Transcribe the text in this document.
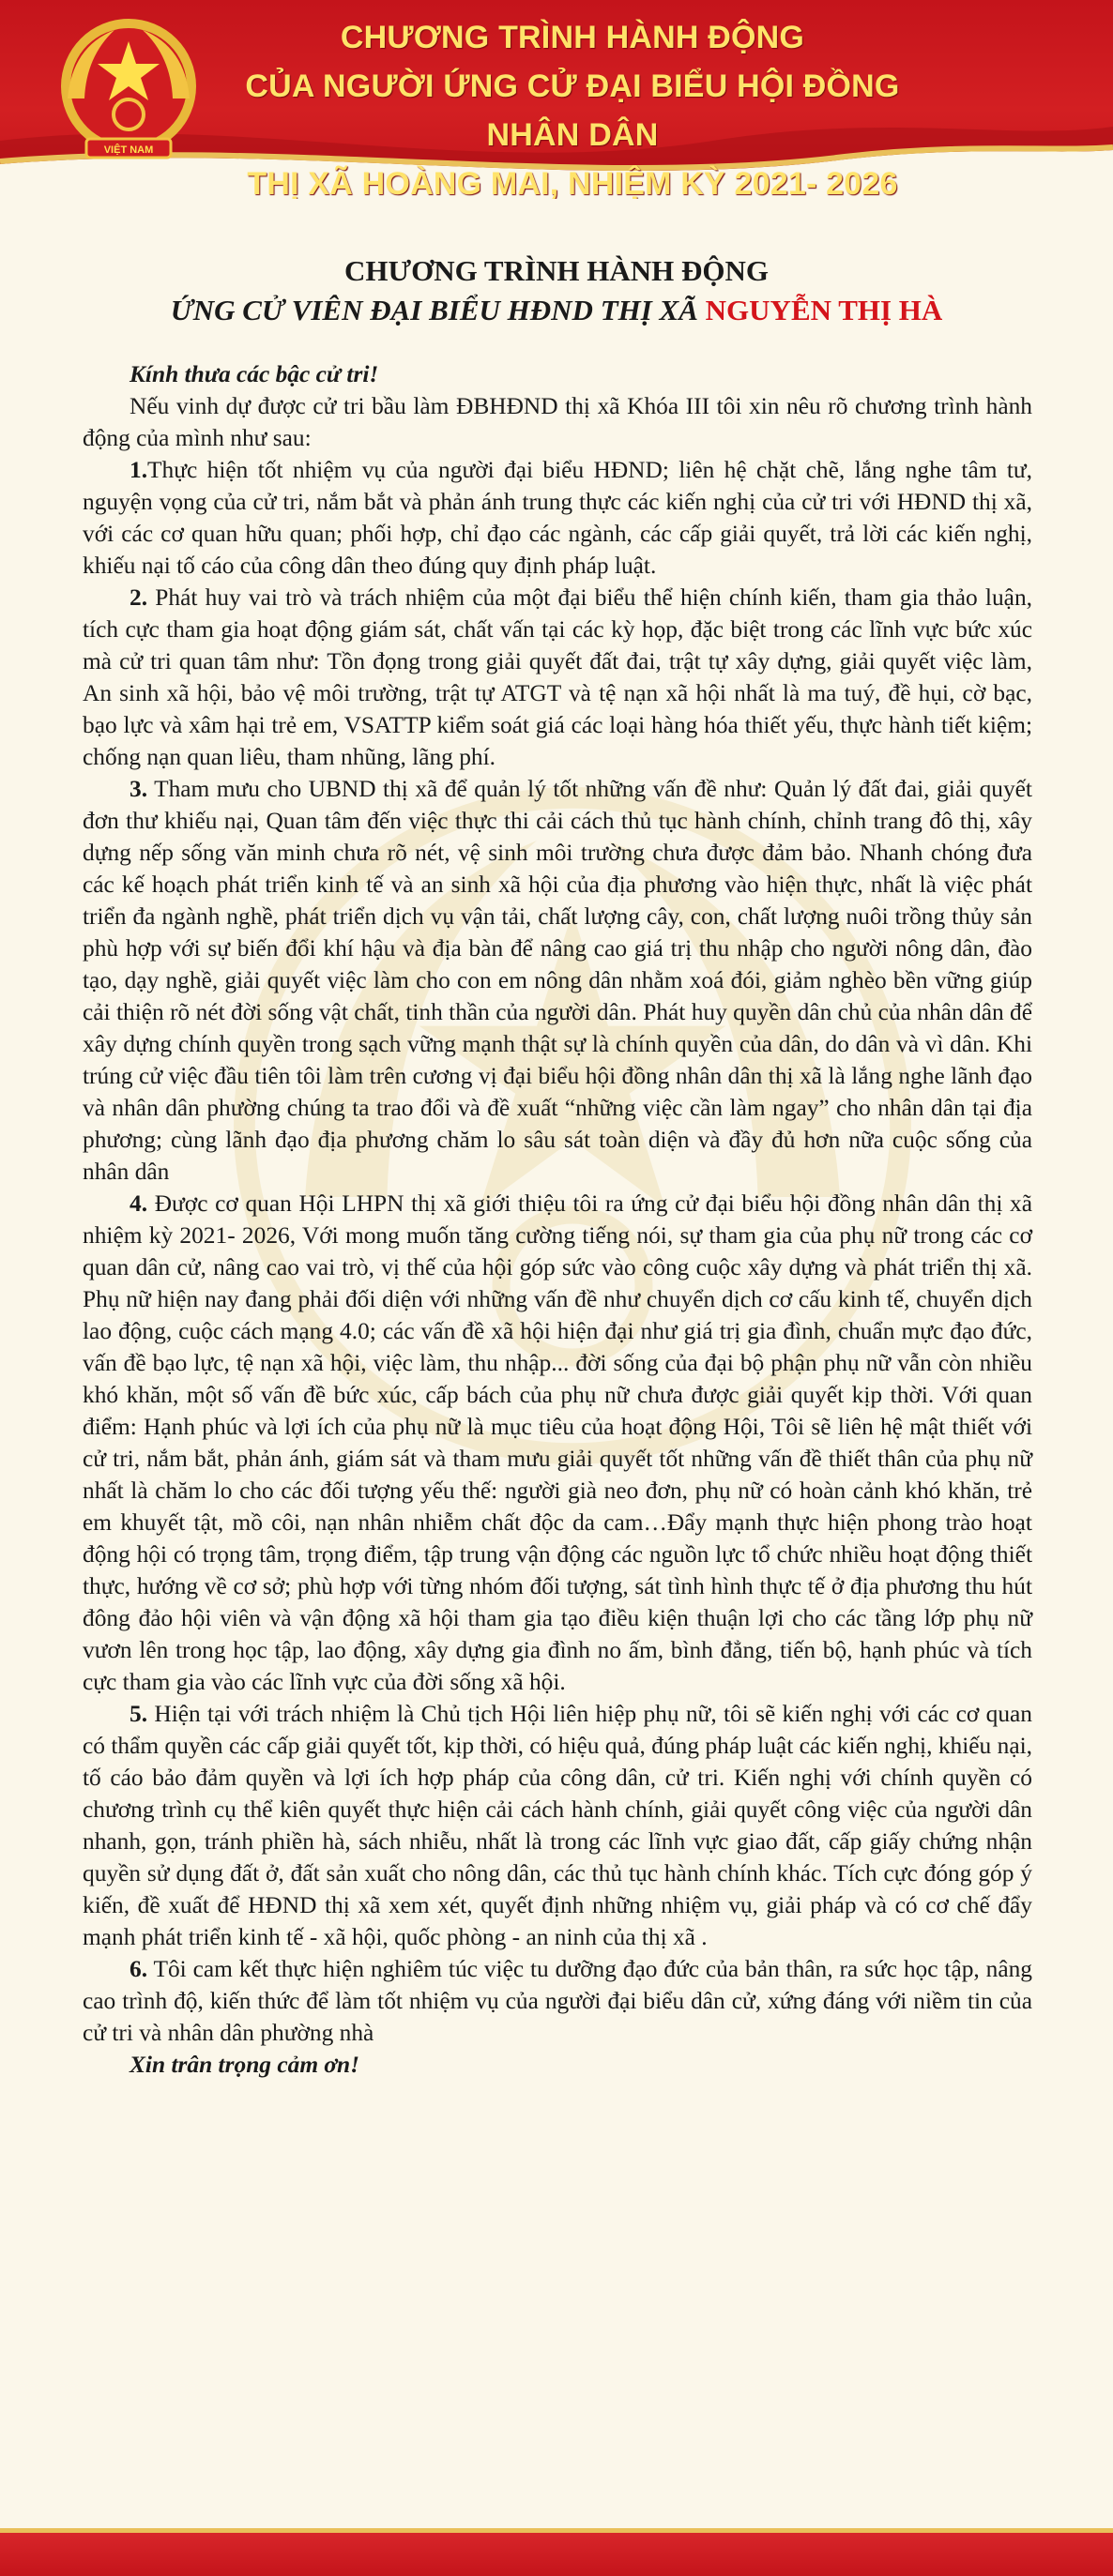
VIỆT NAM
CHƯƠNG TRÌNH HÀNH ĐỘNG
CỦA NGƯỜI ỨNG CỬ ĐẠI BIỂU HỘI ĐỒNG NHÂN DÂN
THỊ XÃ HOÀNG MAI, NHIỆM KỲ 2021- 2026
CHƯƠNG TRÌNH HÀNH ĐỘNG
ỨNG CỬ VIÊN ĐẠI BIỂU HĐND THỊ XÃ NGUYỄN THỊ HÀ

Kính thưa các bậc cử tri!

Nếu vinh dự được cử tri bầu làm ĐBHĐND thị xã Khóa III tôi xin nêu rõ chương trình hành động của mình như sau:

1.Thực hiện tốt nhiệm vụ của người đại biểu HĐND; liên hệ chặt chẽ, lắng nghe tâm tư, nguyện vọng của cử tri, nắm bắt và phản ánh trung thực các kiến nghị của cử tri với HĐND thị xã, với các cơ quan hữu quan; phối hợp, chỉ đạo các ngành, các cấp giải quyết, trả lời các kiến nghị, khiếu nại tố cáo của công dân theo đúng quy định pháp luật.

2. Phát huy vai trò và trách nhiệm của một đại biểu thể hiện chính kiến, tham gia thảo luận, tích cực tham gia hoạt động giám sát, chất vấn tại các kỳ họp, đặc biệt trong các lĩnh vực bức xúc mà cử tri quan tâm như: Tồn đọng trong giải quyết đất đai, trật tự xây dựng, giải quyết việc làm, An sinh xã hội, bảo vệ môi trường, trật tự ATGT và tệ nạn xã hội nhất là ma tuý, đề hụi, cờ bạc, bạo lực và xâm hại trẻ em, VSATTP kiểm soát giá các loại hàng hóa thiết yếu, thực hành tiết kiệm; chống nạn quan liêu, tham nhũng, lãng phí.

3. Tham mưu cho UBND thị xã để quản lý tốt những vấn đề như: Quản lý đất đai, giải quyết đơn thư khiếu nại, Quan tâm đến việc thực thi cải cách thủ tục hành chính, chỉnh trang đô thị, xây dựng nếp sống văn minh chưa rõ nét, vệ sinh môi trường chưa được đảm bảo. Nhanh chóng đưa các kế hoạch phát triển kinh tế và an sinh xã hội của địa phương vào hiện thực, nhất là việc phát triển đa ngành nghề, phát triển dịch vụ vận tải, chất lượng cây, con, chất lượng nuôi trồng thủy sản phù hợp với sự biến đổi khí hậu và địa bàn để nâng cao giá trị thu nhập cho người nông dân, đào tạo, dạy nghề, giải quyết việc làm cho con em nông dân nhằm xoá đói, giảm nghèo bền vững giúp cải thiện rõ nét đời sống vật chất, tinh thần của người dân. Phát huy quyền dân chủ của nhân dân để xây dựng chính quyền trong sạch vững mạnh thật sự là chính quyền của dân, do dân và vì dân. Khi trúng cử việc đầu tiên tôi làm trên cương vị đại biểu hội đồng nhân dân thị xã là lắng nghe lãnh đạo và nhân dân phường chúng ta trao đổi và đề xuất “những việc cần làm ngay” cho nhân dân tại địa phương; cùng lãnh đạo địa phương chăm lo sâu sát toàn diện và đầy đủ hơn nữa cuộc sống của nhân dân

4. Được cơ quan Hội LHPN thị xã giới thiệu tôi ra ứng cử đại biểu hội đồng nhân dân thị xã nhiệm kỳ 2021- 2026, Với mong muốn tăng cường tiếng nói, sự tham gia của phụ nữ trong các cơ quan dân cử, nâng cao vai trò, vị thế của hội góp sức vào công cuộc xây dựng và phát triển thị xã. Phụ nữ hiện nay đang phải đối diện với những vấn đề như chuyển dịch cơ cấu kinh tế, chuyển dịch lao động, cuộc cách mạng 4.0; các vấn đề xã hội hiện đại như giá trị gia đình, chuẩn mực đạo đức, vấn đề bạo lực, tệ nạn xã hội, việc làm, thu nhập... đời sống của đại bộ phận phụ nữ vẫn còn nhiều khó khăn, một số vấn đề bức xúc, cấp bách của phụ nữ chưa được giải quyết kịp thời. Với quan điểm: Hạnh phúc và lợi ích của phụ nữ là mục tiêu của hoạt động Hội, Tôi sẽ liên hệ mật thiết với cử tri, nắm bắt, phản ánh, giám sát và tham mưu giải quyết tốt những vấn đề thiết thân của phụ nữ nhất là chăm lo cho các đối tượng yếu thế: người già neo đơn, phụ nữ có hoàn cảnh khó khăn, trẻ em khuyết tật, mồ côi, nạn nhân nhiễm chất độc da cam…Đẩy mạnh thực hiện phong trào hoạt động hội có trọng tâm, trọng điểm, tập trung vận động các nguồn lực tổ chức nhiều hoạt động thiết thực, hướng về cơ sở; phù hợp với từng nhóm đối tượng, sát tình hình thực tế ở địa phương thu hút đông đảo hội viên và vận động xã hội tham gia tạo điều kiện thuận lợi cho các tầng lớp phụ nữ vươn lên trong học tập, lao động, xây dựng gia đình no ấm, bình đẳng, tiến bộ, hạnh phúc và tích cực tham gia vào các lĩnh vực của đời sống xã hội.

5. Hiện tại với trách nhiệm là Chủ tịch Hội liên hiệp phụ nữ, tôi sẽ kiến nghị với các cơ quan có thẩm quyền các cấp giải quyết tốt, kịp thời, có hiệu quả, đúng pháp luật các kiến nghị, khiếu nại, tố cáo bảo đảm quyền và lợi ích hợp pháp của công dân, cử tri. Kiến nghị với chính quyền có chương trình cụ thể kiên quyết thực hiện cải cách hành chính, giải quyết công việc của người dân nhanh, gọn, tránh phiền hà, sách nhiễu, nhất là trong các lĩnh vực giao đất, cấp giấy chứng nhận quyền sử dụng đất ở, đất sản xuất cho nông dân, các thủ tục hành chính khác. Tích cực đóng góp ý kiến, đề xuất để HĐND thị xã xem xét, quyết định những nhiệm vụ, giải pháp và có cơ chế đẩy mạnh phát triển kinh tế - xã hội, quốc phòng - an ninh của thị xã .

6. Tôi cam kết thực hiện nghiêm túc việc tu dưỡng đạo đức của bản thân, ra sức học tập, nâng cao trình độ, kiến thức để làm tốt nhiệm vụ của người đại biểu dân cử, xứng đáng với niềm tin của cử tri và nhân dân phường nhà

Xin trân trọng cảm ơn!
